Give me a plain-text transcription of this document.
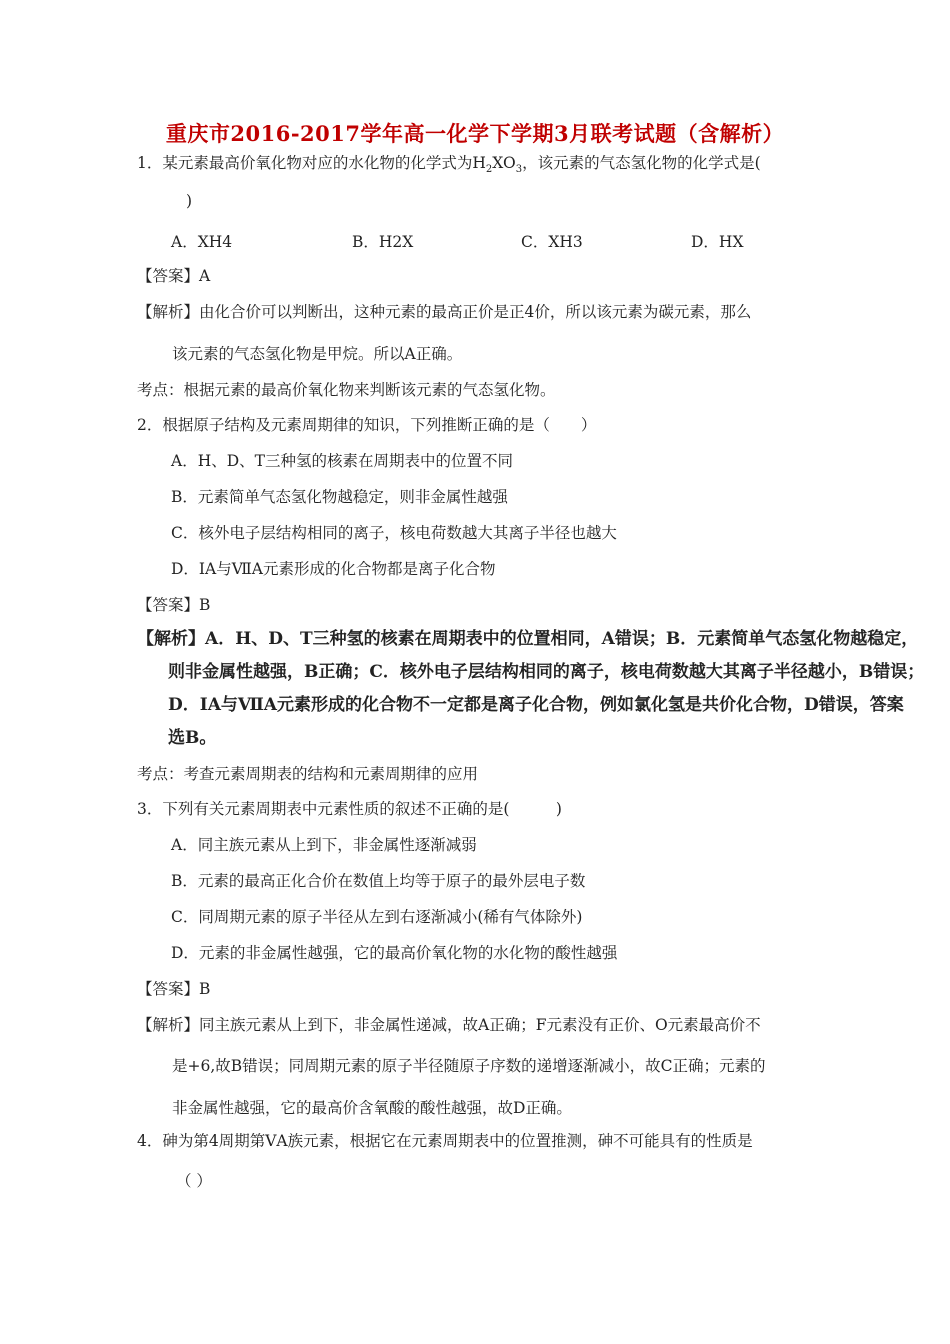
重庆市2016-2017学年高一化学下学期3月联考试题（含解析）
1．某元素最高价氧化物对应的水化物的化学式为$H_2XO_3$，该元素的气态氢化物的化学式是(
)
A．XH4	B．H2X	C．XH3	D．HX
【答案】A
【解析】由化合价可以判断出，这种元素的最高正价是正4价，所以该元素为碳元素，那么
该元素的气态氢化物是甲烷。所以A正确。
考点：根据元素的最高价氧化物来判断该元素的气态氢化物。
2．根据原子结构及元素周期律的知识，下列推断正确的是（　　）
A．H、D、T三种氢的核素在周期表中的位置不同
B．元素简单气态氢化物越稳定，则非金属性越强
C．核外电子层结构相同的离子，核电荷数越大其离子半径也越大
D．ⅠA与ⅦA元素形成的化合物都是离子化合物
【答案】B
【解析】A．H、D、T三种氢的核素在周期表中的位置相同，A错误；B．元素简单气态氢化物越稳定，
则非金属性越强，B正确；C．核外电子层结构相同的离子，核电荷数越大其离子半径越小，B错误；
D．ⅠA与ⅦA元素形成的化合物不一定都是离子化合物，例如氯化氢是共价化合物，D错误，答案
选B。
考点：考查元素周期表的结构和元素周期律的应用
3．下列有关元素周期表中元素性质的叙述不正确的是(　　　)
A．同主族元素从上到下，非金属性逐渐减弱
B．元素的最高正化合价在数值上均等于原子的最外层电子数
C．同周期元素的原子半径从左到右逐渐减小(稀有气体除外)
D．元素的非金属性越强，它的最高价氧化物的水化物的酸性越强
【答案】B
【解析】同主族元素从上到下，非金属性递减，故A正确；F元素没有正价、O元素最高价不
是+6,故B错误；同周期元素的原子半径随原子序数的递增逐渐减小，故C正确；元素的
非金属性越强，它的最高价含氧酸的酸性越强，故D正确。
4．砷为第4周期第ⅤA族元素，根据它在元素周期表中的位置推测，砷不可能具有的性质是
（ ）
